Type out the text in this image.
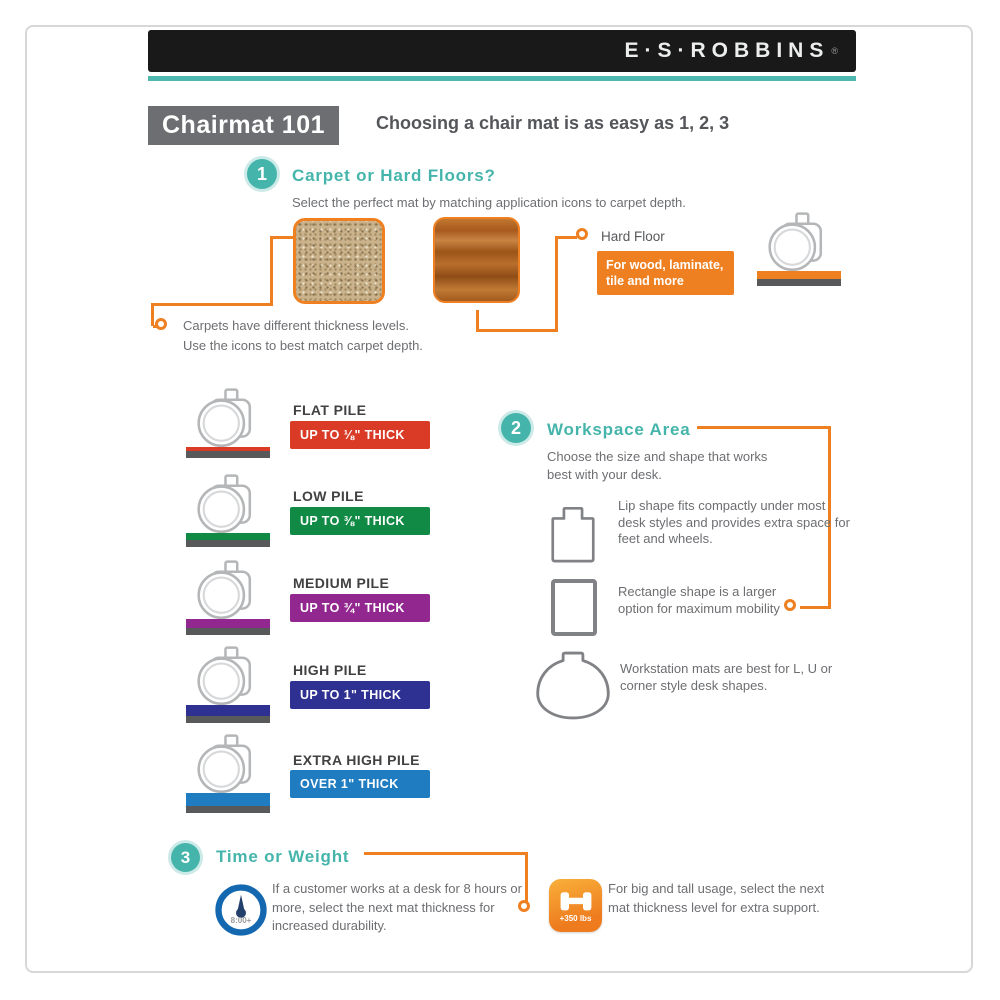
E·S·ROBBINS ®
Chairmat 101	Choosing a chair mat is as easy as 1, 2, 3
1	Carpet or Hard Floors?
Select the perfect mat by matching application icons to carpet depth.
Carpets have different thickness levels.
Use the icons to best match carpet depth.
Hard Floor
For wood, laminate, tile and more
FLAT PILE
UP TO ⅛" THICK
LOW PILE
UP TO ⅜" THICK
MEDIUM PILE
UP TO ¾" THICK
HIGH PILE
UP TO 1" THICK
EXTRA HIGH PILE
OVER 1" THICK
2	Workspace Area
Choose the size and shape that works best with your desk.
Lip shape fits compactly under most desk styles and provides extra space for feet and wheels.
Rectangle shape is a larger option for maximum mobility
Workstation mats are best for L, U or corner style desk shapes.
3	Time or Weight
8:00+
If a customer works at a desk for 8 hours or more, select the next mat thickness for increased durability.	+350 lbs
For big and tall usage, select the next mat thickness level for extra support.
